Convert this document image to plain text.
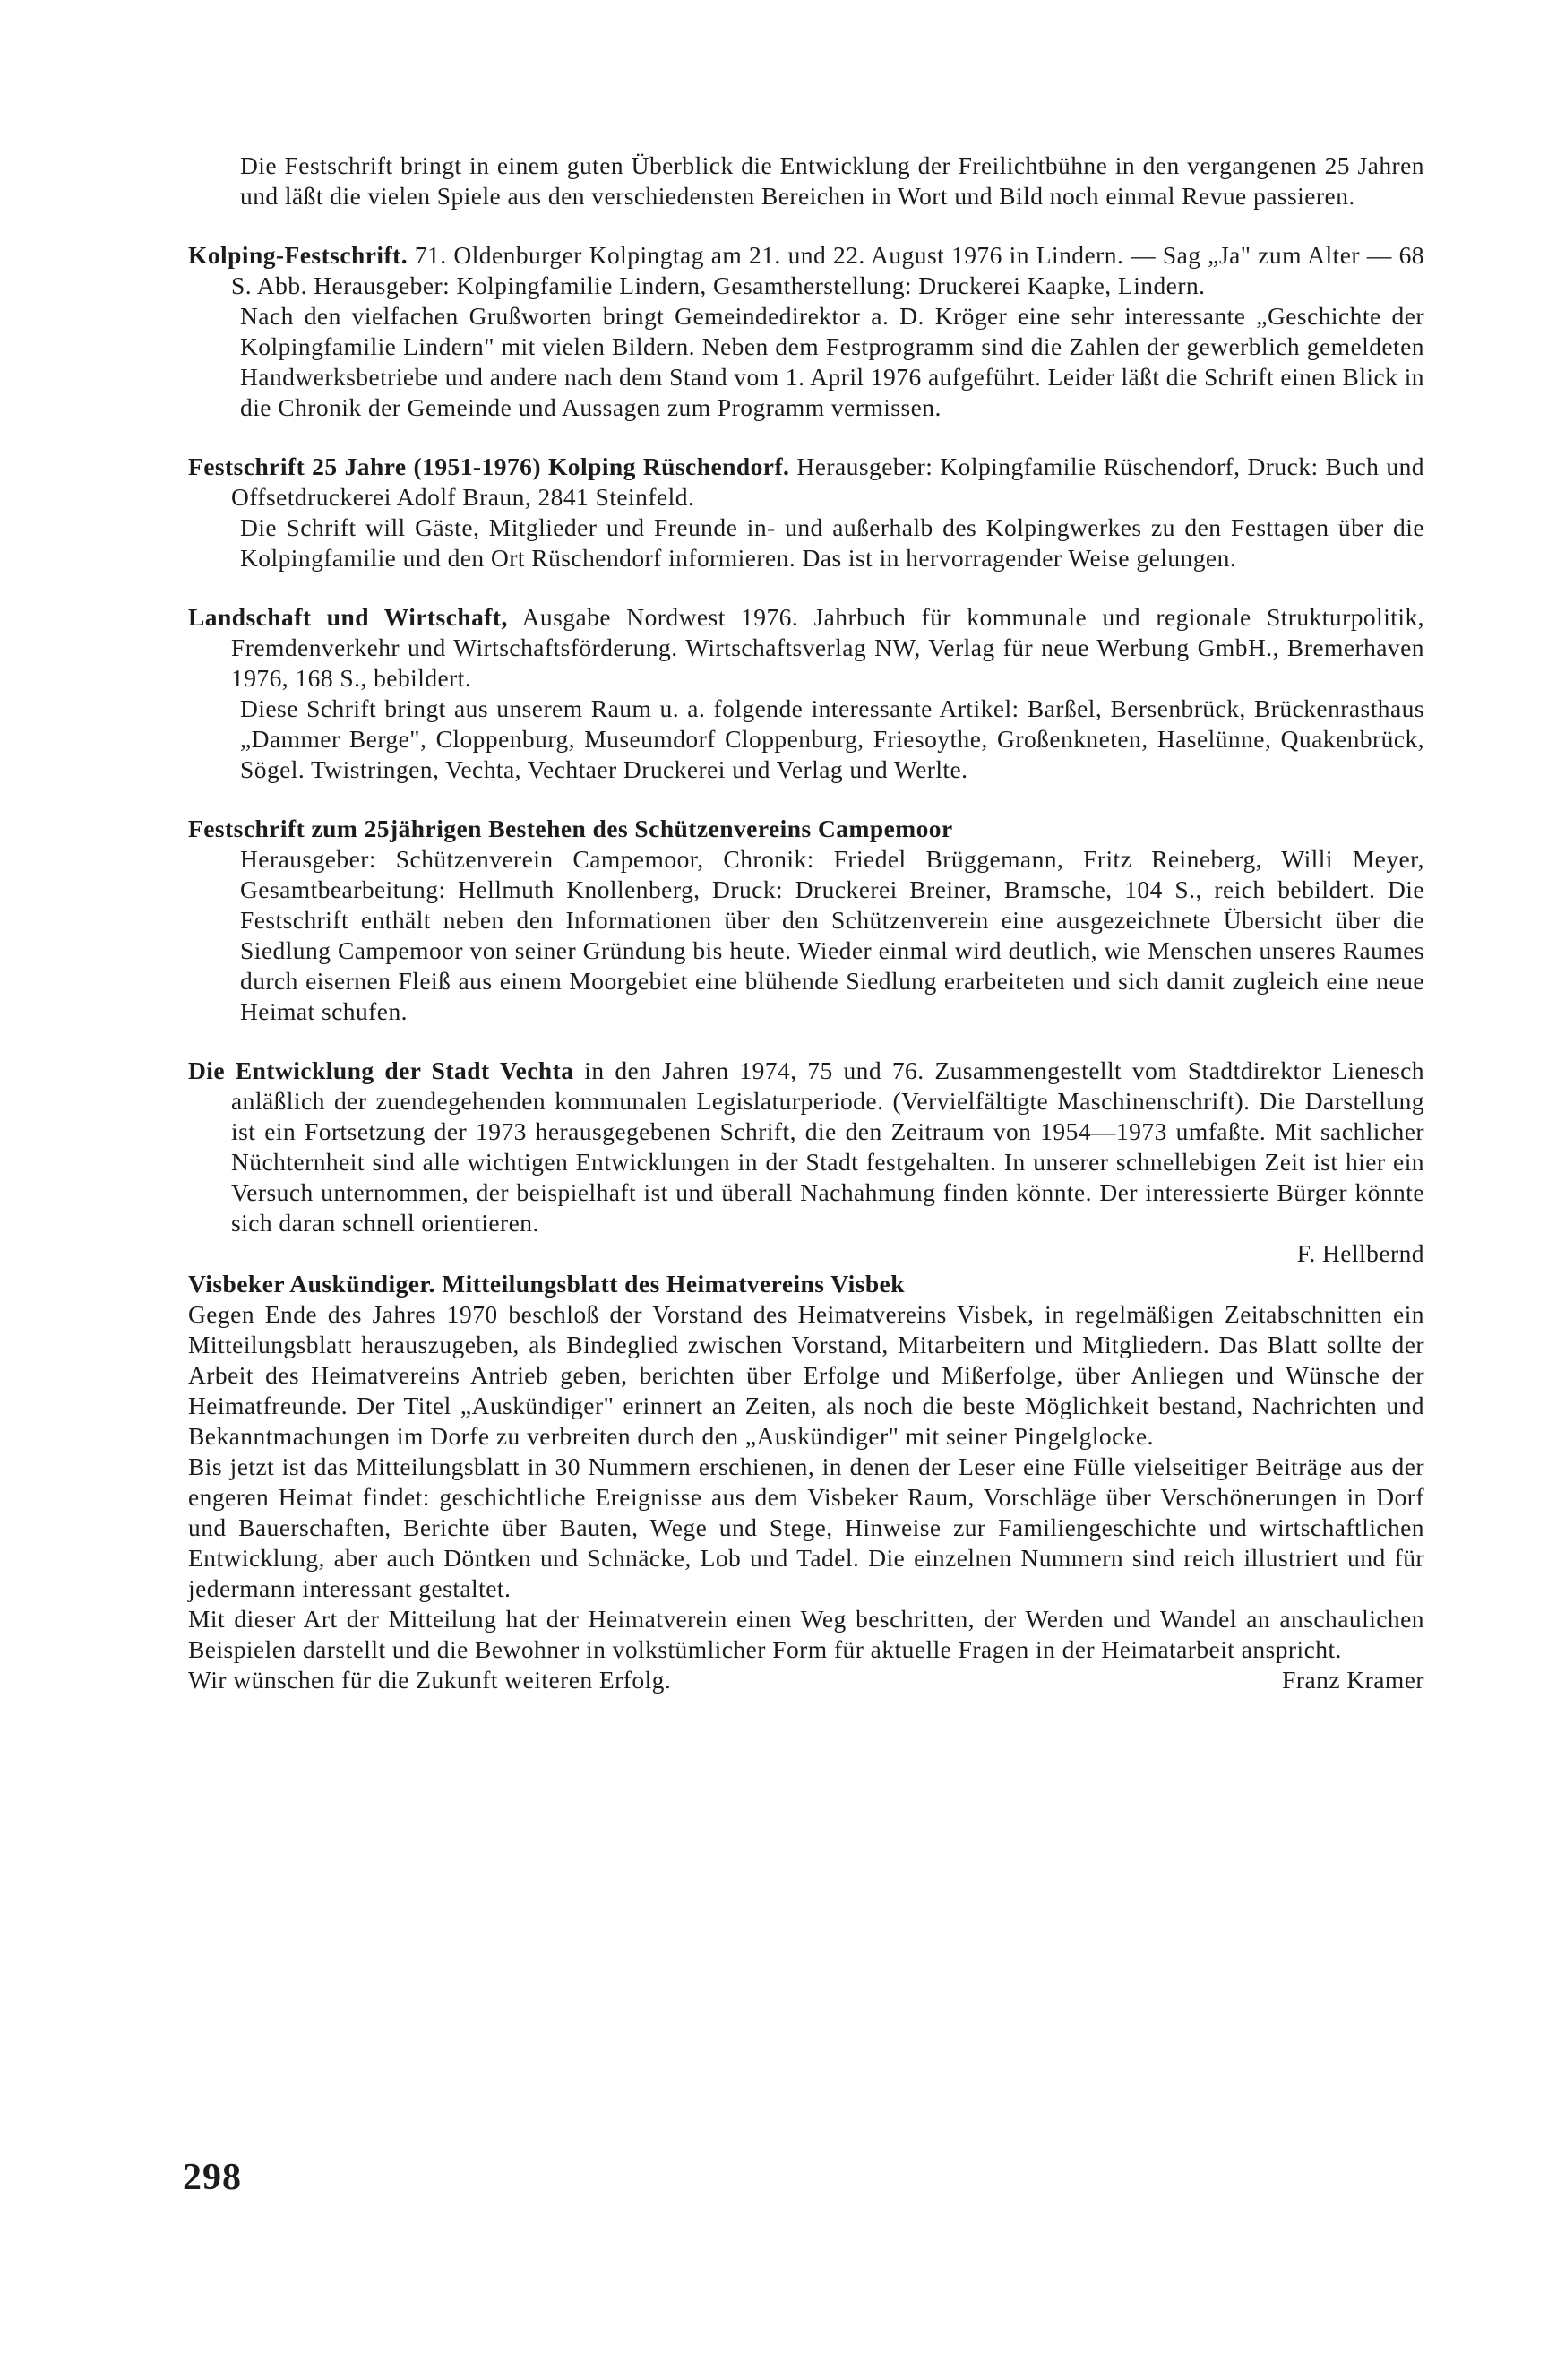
Die Festschrift bringt in einem guten Überblick die Entwicklung der Freilichtbühne in den vergangenen 25 Jahren und läßt die vielen Spiele aus den verschiedensten Bereichen in Wort und Bild noch einmal Revue passieren.

Kolping-Festschrift. 71. Oldenburger Kolpingtag am 21. und 22. August 1976 in Lindern. — Sag „Ja" zum Alter — 68 S. Abb. Herausgeber: Kolpingfamilie Lindern, Gesamtherstellung: Druckerei Kaapke, Lindern.

Nach den vielfachen Grußworten bringt Gemeindedirektor a. D. Kröger eine sehr interessante „Geschichte der Kolpingfamilie Lindern" mit vielen Bildern. Neben dem Festprogramm sind die Zahlen der gewerblich gemeldeten Handwerksbetriebe und andere nach dem Stand vom 1. April 1976 aufgeführt. Leider läßt die Schrift einen Blick in die Chronik der Gemeinde und Aussagen zum Programm vermissen.

Festschrift 25 Jahre (1951-1976) Kolping Rüschendorf. Herausgeber: Kolpingfamilie Rüschendorf, Druck: Buch und Offsetdruckerei Adolf Braun, 2841 Steinfeld.

Die Schrift will Gäste, Mitglieder und Freunde in- und außerhalb des Kolpingwerkes zu den Festtagen über die Kolpingfamilie und den Ort Rüschendorf informieren. Das ist in hervorragender Weise gelungen.

Landschaft und Wirtschaft, Ausgabe Nordwest 1976. Jahrbuch für kommunale und regionale Strukturpolitik, Fremdenverkehr und Wirtschaftsförderung. Wirtschaftsverlag NW, Verlag für neue Werbung GmbH., Bremerhaven 1976, 168 S., bebildert.

Diese Schrift bringt aus unserem Raum u. a. folgende interessante Artikel: Barßel, Bersenbrück, Brückenrasthaus „Dammer Berge", Cloppenburg, Museumdorf Cloppenburg, Friesoythe, Großenkneten, Haselünne, Quakenbrück, Sögel. Twistringen, Vechta, Vechtaer Druckerei und Verlag und Werlte.

Festschrift zum 25jährigen Bestehen des Schützenvereins Campemoor

Herausgeber: Schützenverein Campemoor, Chronik: Friedel Brüggemann, Fritz Reineberg, Willi Meyer, Gesamtbearbeitung: Hellmuth Knollenberg, Druck: Druckerei Breiner, Bramsche, 104 S., reich bebildert. Die Festschrift enthält neben den Informationen über den Schützenverein eine ausgezeichnete Übersicht über die Siedlung Campemoor von seiner Gründung bis heute. Wieder einmal wird deutlich, wie Menschen unseres Raumes durch eisernen Fleiß aus einem Moorgebiet eine blühende Siedlung erarbeiteten und sich damit zugleich eine neue Heimat schufen.

Die Entwicklung der Stadt Vechta in den Jahren 1974, 75 und 76. Zusammengestellt vom Stadtdirektor Lienesch anläßlich der zuendegehenden kommunalen Legislaturperiode. (Vervielfältigte Maschinenschrift). Die Darstellung ist ein Fortsetzung der 1973 herausgegebenen Schrift, die den Zeitraum von 1954—1973 umfaßte. Mit sachlicher Nüchternheit sind alle wichtigen Entwicklungen in der Stadt festgehalten. In unserer schnellebigen Zeit ist hier ein Versuch unternommen, der beispielhaft ist und überall Nachahmung finden könnte. Der interessierte Bürger könnte sich daran schnell orientieren.

F. Hellbernd

Visbeker Auskündiger. Mitteilungsblatt des Heimatvereins Visbek

Gegen Ende des Jahres 1970 beschloß der Vorstand des Heimatvereins Visbek, in regelmäßigen Zeitabschnitten ein Mitteilungsblatt herauszugeben, als Bindeglied zwischen Vorstand, Mitarbeitern und Mitgliedern. Das Blatt sollte der Arbeit des Heimatvereins Antrieb geben, berichten über Erfolge und Mißerfolge, über Anliegen und Wünsche der Heimatfreunde. Der Titel „Auskündiger" erinnert an Zeiten, als noch die beste Möglichkeit bestand, Nachrichten und Bekanntmachungen im Dorfe zu verbreiten durch den „Auskündiger" mit seiner Pingelglocke.

Bis jetzt ist das Mitteilungsblatt in 30 Nummern erschienen, in denen der Leser eine Fülle vielseitiger Beiträge aus der engeren Heimat findet: geschichtliche Ereignisse aus dem Visbeker Raum, Vorschläge über Verschönerungen in Dorf und Bauerschaften, Berichte über Bauten, Wege und Stege, Hinweise zur Familiengeschichte und wirtschaftlichen Entwicklung, aber auch Döntken und Schnäcke, Lob und Tadel. Die einzelnen Nummern sind reich illustriert und für jedermann interessant gestaltet.

Mit dieser Art der Mitteilung hat der Heimatverein einen Weg beschritten, der Werden und Wandel an anschaulichen Beispielen darstellt und die Bewohner in volkstümlicher Form für aktuelle Fragen in der Heimatarbeit anspricht.

Wir wünschen für die Zukunft weiteren Erfolg.	Franz Kramer

298
